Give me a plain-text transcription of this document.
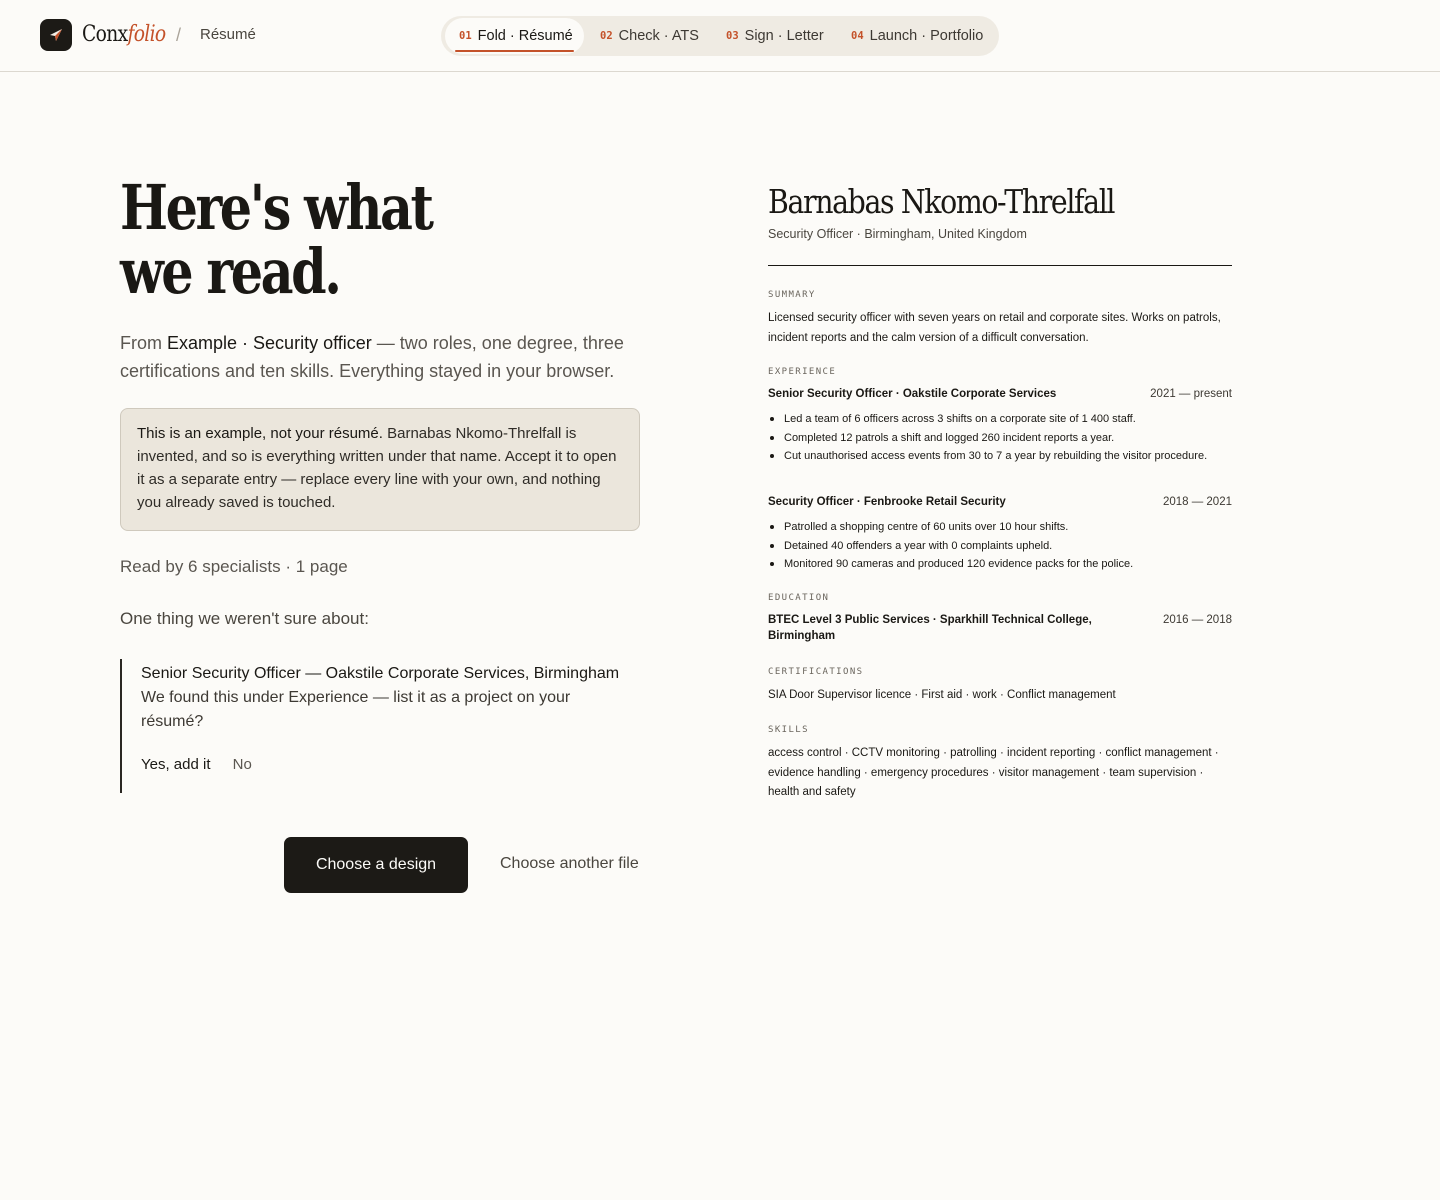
Conxfolio / Résumé	01 Fold · Résumé	02 Check · ATS	03 Sign · Letter	04 Launch · Portfolio
Here's what
we read.

From Example · Security officer — two roles, one degree, three certifications and ten skills. Everything stayed in your browser.

This is an example, not your résumé. Barnabas Nkomo-Threlfall is invented, and so is everything written under that name. Accept it to open it as a separate entry — replace every line with your own, and nothing you already saved is touched.
Read by 6 specialists · 1 page
One thing we weren't sure about:
Senior Security Officer — Oakstile Corporate Services, Birmingham
We found this under Experience — list it as a project on your résumé?
Yes, add it No
Choose a design	Choose another file
Barnabas Nkomo-Threlfall
Security Officer · Birmingham, United Kingdom
SUMMARY
Licensed security officer with seven years on retail and corporate sites. Works on patrols, incident reports and the calm version of a difficult conversation.
EXPERIENCE
Senior Security Officer · Oakstile Corporate Services	2021 — present
Led a team of 6 officers across 3 shifts on a corporate site of 1 400 staff.
Completed 12 patrols a shift and logged 260 incident reports a year.
Cut unauthorised access events from 30 to 7 a year by rebuilding the visitor procedure.
Security Officer · Fenbrooke Retail Security	2018 — 2021
Patrolled a shopping centre of 60 units over 10 hour shifts.
Detained 40 offenders a year with 0 complaints upheld.
Monitored 90 cameras and produced 120 evidence packs for the police.
EDUCATION
BTEC Level 3 Public Services · Sparkhill Technical College, Birmingham
2016 — 2018
CERTIFICATIONS
SIA Door Supervisor licence · First aid · work · Conflict management
SKILLS
access control · CCTV monitoring · patrolling · incident reporting · conflict management · evidence handling · emergency procedures · visitor management · team supervision · health and safety
